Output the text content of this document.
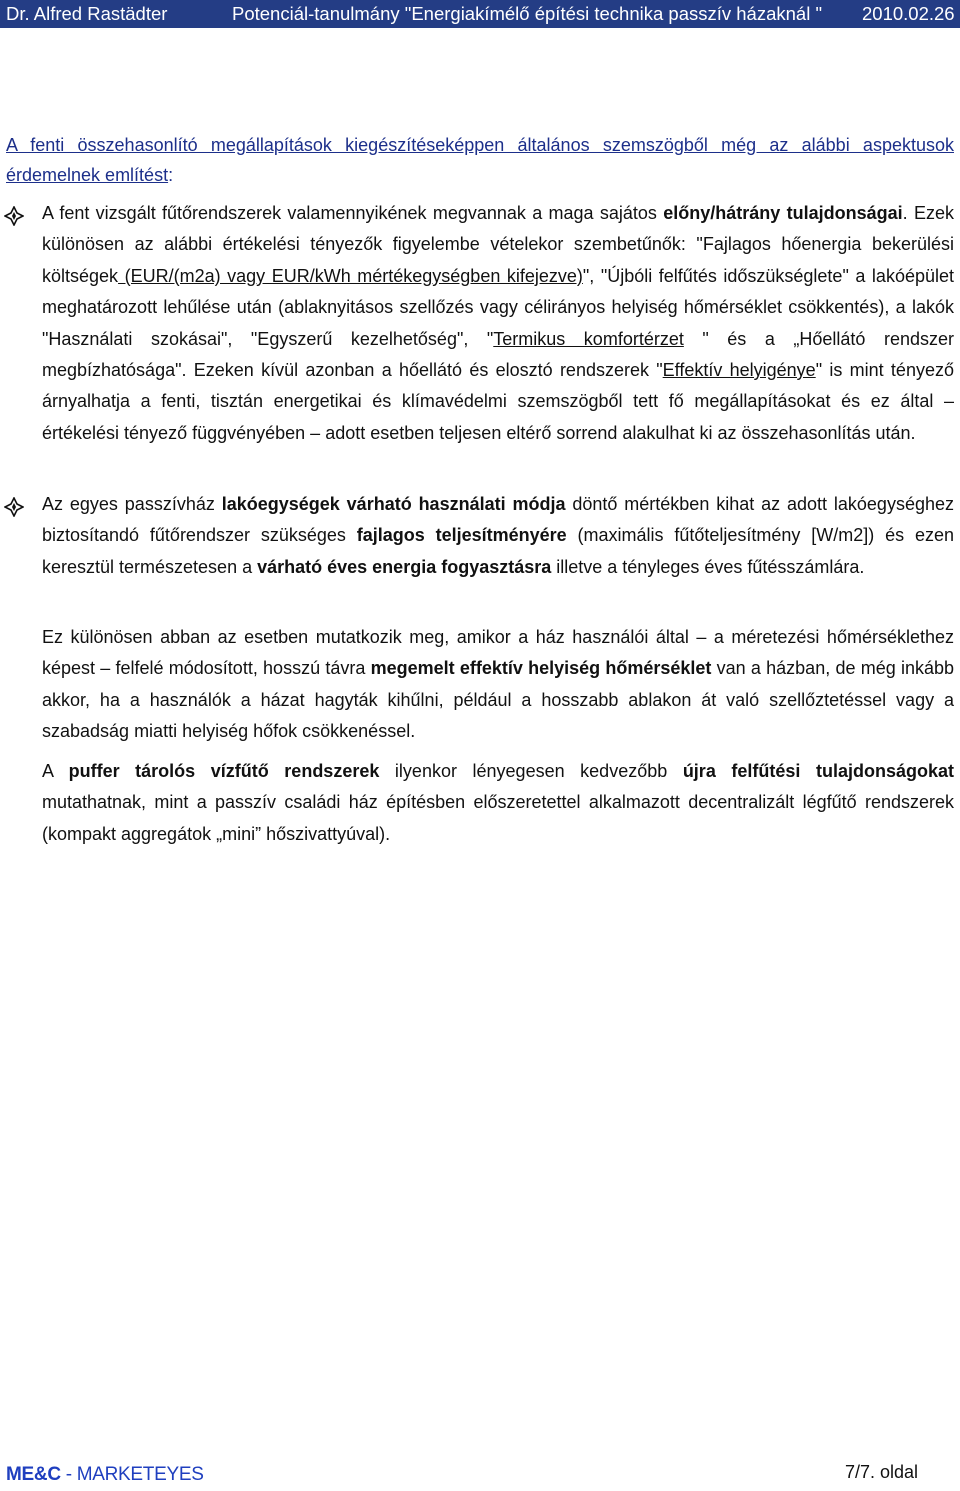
Dr. Alfred Rastädter	Potenciál-tanulmány "Energiakímélő építési technika passzív házaknál " 2010.02.26
A fenti összehasonlító megállapítások kiegészítéseképpen általános szemszögből még az alábbi aspektusok érdemelnek említést:
A fent vizsgált fűtőrendszerek valamennyikének megvannak a maga sajátos előny/hátrány tulajdonságai. Ezek különösen az alábbi értékelési tényezők figyelembe vételekor szembetűnők: "Fajlagos hőenergia bekerülési költségek (EUR/(m2a) vagy EUR/kWh mértékegységben kifejezve)", "Újbóli felfűtés időszükséglete" a lakóépület meghatározott lehűlése után (ablaknyitásos szellőzés vagy célirányos helyiség hőmérséklet csökkentés), a lakók "Használati szokásai", "Egyszerű kezelhetőség", "Termikus komfortérzet " és a „Hőellátó rendszer megbízhatósága". Ezeken kívül azonban a hőellátó és elosztó rendszerek "Effektív helyigénye" is mint tényező árnyalhatja a fenti, tisztán energetikai és klímavédelmi szemszögből tett fő megállapításokat és ez által – értékelési tényező függvényében – adott esetben teljesen eltérő sorrend alakulhat ki az összehasonlítás után.
Az egyes passzívház lakóegységek várható használati módja döntő mértékben kihat az adott lakóegységhez biztosítandó fűtőrendszer szükséges fajlagos teljesítményére (maximális fűtőteljesítmény [W/m2]) és ezen keresztül természetesen a várható éves energia fogyasztásra illetve a tényleges éves fűtésszámlára.
Ez különösen abban az esetben mutatkozik meg, amikor a ház használói által – a méretezési hőmérséklethez képest – felfelé módosított, hosszú távra megemelt effektív helyiség hőmérséklet van a házban, de még inkább akkor, ha a használók a házat hagyták kihűlni, például a hosszabb ablakon át való szellőztetéssel vagy a szabadság miatti helyiség hőfok csökkenéssel.
A puffer tárolós vízfűtő rendszerek ilyenkor lényegesen kedvezőbb újra felfűtési tulajdonságokat mutathatnak, mint a passzív családi ház építésben előszeretettel alkalmazott decentralizált légfűtő rendszerek (kompakt aggregátok „mini” hőszivattyúval).
ME&C - MARKETEYES	7/7. oldal
